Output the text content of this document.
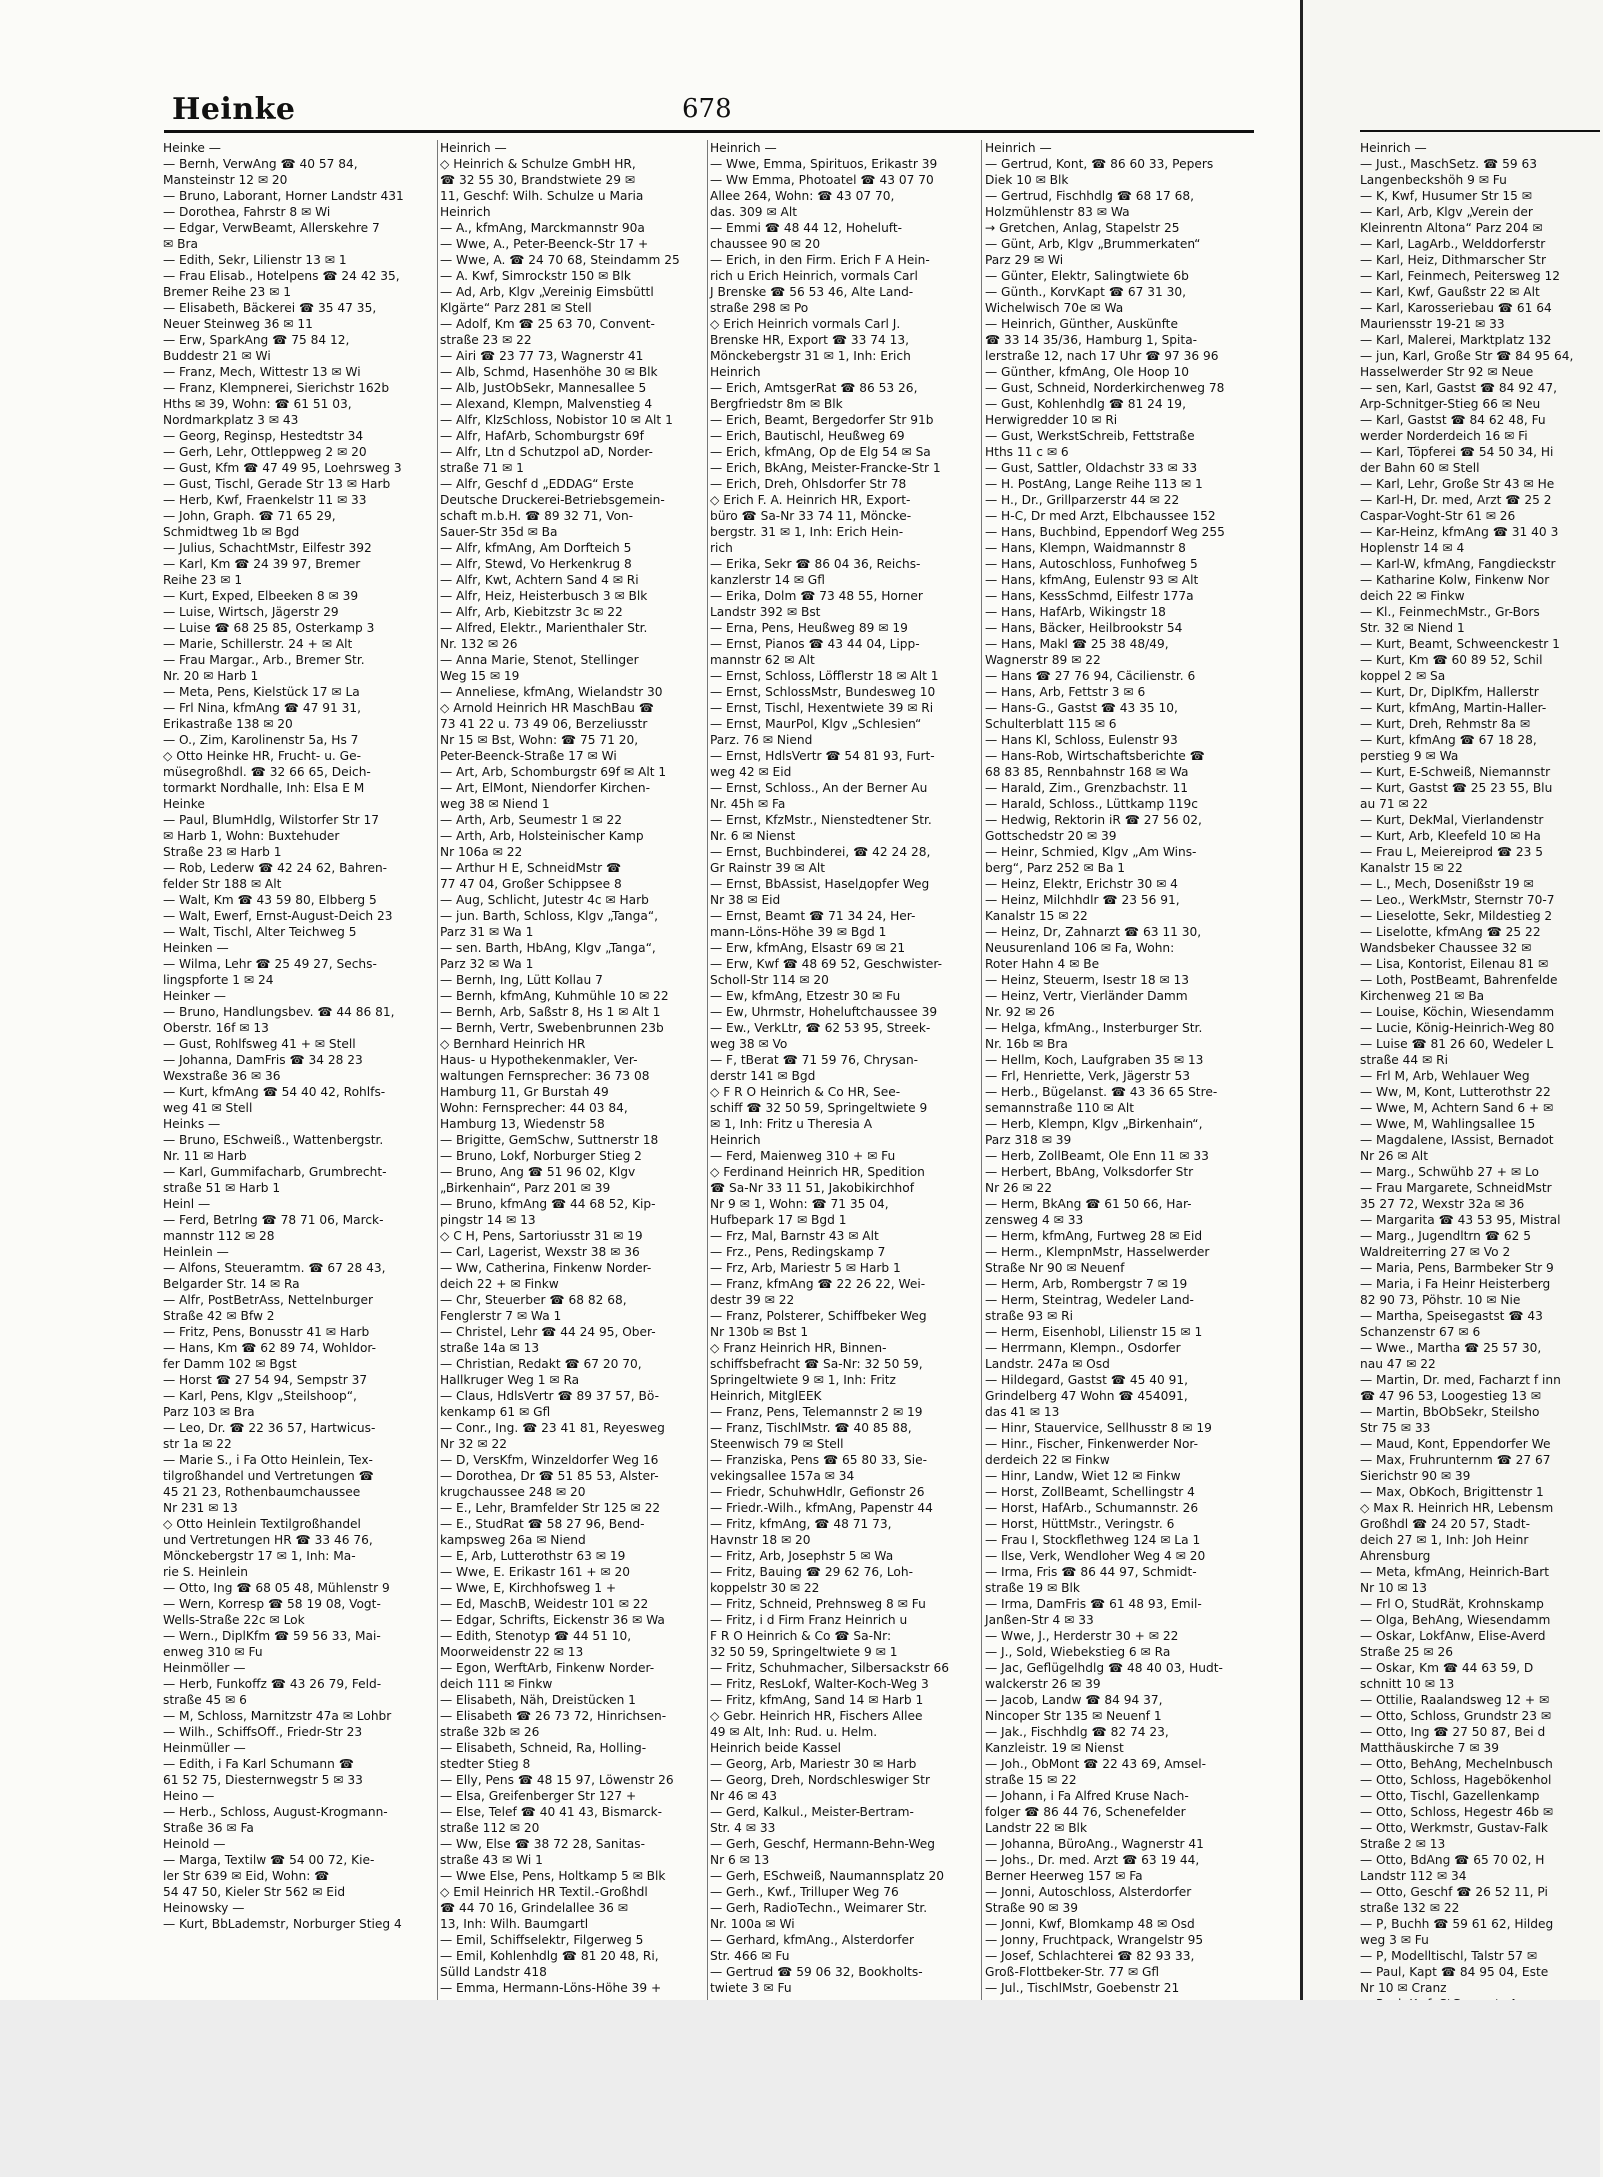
Heinke	678
Heinke —
— Bernh, VerwAng ☎ 40 57 84,
Mansteinstr 12 ✉ 20
— Bruno, Laborant, Horner Landstr 431
— Dorothea, Fahrstr 8 ✉ Wi
— Edgar, VerwBeamt, Allerskehre 7
✉ Bra
— Edith, Sekr, Lilienstr 13 ✉ 1
— Frau Elisab., Hotelpens ☎ 24 42 35,
Bremer Reihe 23 ✉ 1
— Elisabeth, Bäckerei ☎ 35 47 35,
Neuer Steinweg 36 ✉ 11
— Erw, SparkAng ☎ 75 84 12,
Buddestr 21 ✉ Wi
— Franz, Mech, Wittestr 13 ✉ Wi
— Franz, Klempnerei, Sierichstr 162b
Hths ✉ 39, Wohn: ☎ 61 51 03,
Nordmarkplatz 3 ✉ 43
— Georg, Reginsp, Hestedtstr 34
— Gerh, Lehr, Ottleppweg 2 ✉ 20
— Gust, Kfm ☎ 47 49 95, Loehrsweg 3
— Gust, Tischl, Gerade Str 13 ✉ Harb
— Herb, Kwf, Fraenkelstr 11 ✉ 33
— John, Graph. ☎ 71 65 29,
Schmidtweg 1b ✉ Bgd
— Julius, SchachtMstr, Eilfestr 392
— Karl, Km ☎ 24 39 97, Bremer
Reihe 23 ✉ 1
— Kurt, Exped, Elbeeken 8 ✉ 39
— Luise, Wirtsch, Jägerstr 29
— Luise ☎ 68 25 85, Osterkamp 3
— Marie, Schillerstr. 24 + ✉ Alt
— Frau Margar., Arb., Bremer Str.
Nr. 20 ✉ Harb 1
— Meta, Pens, Kielstück 17 ✉ La
— Frl Nina, kfmAng ☎ 47 91 31,
Erikastraße 138 ✉ 20
— O., Zim, Karolinenstr 5a, Hs 7
◇ Otto Heinke HR, Frucht- u. Ge-
müsegroßhdl. ☎ 32 66 65, Deich-
tormarkt Nordhalle, Inh: Elsa E M
Heinke
— Paul, BlumHdlg, Wilstorfer Str 17
✉ Harb 1, Wohn: Buxtehuder
Straße 23 ✉ Harb 1
— Rob, Lederw ☎ 42 24 62, Bahren-
felder Str 188 ✉ Alt
— Walt, Km ☎ 43 59 80, Elbberg 5
— Walt, Ewerf, Ernst-August-Deich 23
— Walt, Tischl, Alter Teichweg 5
Heinken —
— Wilma, Lehr ☎ 25 49 27, Sechs-
lingspforte 1 ✉ 24
Heinker —
— Bruno, Handlungsbev. ☎ 44 86 81,
Oberstr. 16f ✉ 13
— Gust, Rohlfsweg 41 + ✉ Stell
— Johanna, DamFris ☎ 34 28 23
Wexstraße 36 ✉ 36
— Kurt, kfmAng ☎ 54 40 42, Rohlfs-
weg 41 ✉ Stell
Heinks —
— Bruno, ESchweiß., Wattenbergstr.
Nr. 11 ✉ Harb
— Karl, Gummifacharb, Grumbrecht-
straße 51 ✉ Harb 1
Heinl —
— Ferd, Betrlng ☎ 78 71 06, Marck-
mannstr 112 ✉ 28
Heinlein —
— Alfons, Steueramtm. ☎ 67 28 43,
Belgarder Str. 14 ✉ Ra
— Alfr, PostBetrAss, Nettelnburger
Straße 42 ✉ Bfw 2
— Fritz, Pens, Bonusstr 41 ✉ Harb
— Hans, Km ☎ 62 89 74, Wohldor-
fer Damm 102 ✉ Bgst
— Horst ☎ 27 54 94, Sempstr 37
— Karl, Pens, Klgv „Steilshoop“,
Parz 103 ✉ Bra
— Leo, Dr. ☎ 22 36 57, Hartwicus-
str 1a ✉ 22
— Marie S., i Fa Otto Heinlein, Tex-
tilgroßhandel und Vertretungen ☎
45 21 23, Rothenbaumchaussee
Nr 231 ✉ 13
◇ Otto Heinlein Textilgroßhandel
und Vertretungen HR ☎ 33 46 76,
Mönckebergstr 17 ✉ 1, Inh: Ma-
rie S. Heinlein
— Otto, Ing ☎ 68 05 48, Mühlenstr 9
— Wern, Korresp ☎ 58 19 08, Vogt-
Wells-Straße 22c ✉ Lok
— Wern., DiplKfm ☎ 59 56 33, Mai-
enweg 310 ✉ Fu
Heinmöller —
— Herb, Funkoffz ☎ 43 26 79, Feld-
straße 45 ✉ 6
— M, Schloss, Marnitzstr 47a ✉ Lohbr
— Wilh., SchiffsOff., Friedr-Str 23
Heinmüller —
— Edith, i Fa Karl Schumann ☎
61 52 75, Diesternwegstr 5 ✉ 33
Heino —
— Herb., Schloss, August-Krogmann-
Straße 36 ✉ Fa
Heinold —
— Marga, Textilw ☎ 54 00 72, Kie-
ler Str 639 ✉ Eid, Wohn: ☎
54 47 50, Kieler Str 562 ✉ Eid
Heinowsky —
— Kurt, BbLademstr, Norburger Stieg 4
Heinrich —
◇ Heinrich & Schulze GmbH HR,
☎ 32 55 30, Brandstwiete 29 ✉
11, Geschf: Wilh. Schulze u Maria
Heinrich
— A., kfmAng, Marckmannstr 90a
— Wwe, A., Peter-Beenck-Str 17 +
— Wwe, A. ☎ 24 70 68, Steindamm 25
— A. Kwf, Simrockstr 150 ✉ Blk
— Ad, Arb, Klgv „Vereinig Eimsbüttl
Klgärte“ Parz 281 ✉ Stell
— Adolf, Km ☎ 25 63 70, Convent-
straße 23 ✉ 22
— Airi ☎ 23 77 73, Wagnerstr 41
— Alb, Schmd, Hasenhöhe 30 ✉ Blk
— Alb, JustObSekr, Mannesallee 5
— Alexand, Klempn, Malvenstieg 4
— Alfr, KlzSchloss, Nobistor 10 ✉ Alt 1
— Alfr, HafArb, Schomburgstr 69f
— Alfr, Ltn d Schutzpol aD, Norder-
straße 71 ✉ 1
— Alfr, Geschf d „EDDAG“ Erste
Deutsche Druckerei-Betriebsgemein-
schaft m.b.H. ☎ 89 32 71, Von-
Sauer-Str 35d ✉ Ba
— Alfr, kfmAng, Am Dorfteich 5
— Alfr, Stewd, Vo Herkenkrug 8
— Alfr, Kwt, Achtern Sand 4 ✉ Ri
— Alfr, Heiz, Heisterbusch 3 ✉ Blk
— Alfr, Arb, Kiebitzstr 3c ✉ 22
— Alfred, Elektr., Marienthaler Str.
Nr. 132 ✉ 26
— Anna Marie, Stenot, Stellinger
Weg 15 ✉ 19
— Anneliese, kfmAng, Wielandstr 30
◇ Arnold Heinrich HR MaschBau ☎
73 41 22 u. 73 49 06, Berzeliusstr
Nr 15 ✉ Bst, Wohn: ☎ 75 71 20,
Peter-Beenck-Straße 17 ✉ Wi
— Art, Arb, Schomburgstr 69f ✉ Alt 1
— Art, ElMont, Niendorfer Kirchen-
weg 38 ✉ Niend 1
— Arth, Arb, Seumestr 1 ✉ 22
— Arth, Arb, Holsteinischer Kamp
Nr 106a ✉ 22
— Arthur H E, SchneidMstr ☎
77 47 04, Großer Schippsee 8
— Aug, Schlicht, Jutestr 4c ✉ Harb
— jun. Barth, Schloss, Klgv „Tanga“,
Parz 31 ✉ Wa 1
— sen. Barth, HbAng, Klgv „Tanga“,
Parz 32 ✉ Wa 1
— Bernh, Ing, Lütt Kollau 7
— Bernh, kfmAng, Kuhmühle 10 ✉ 22
— Bernh, Arb, Saßstr 8, Hs 1 ✉ Alt 1
— Bernh, Vertr, Swebenbrunnen 23b
◇ Bernhard Heinrich HR
Haus- u Hypothekenmakler, Ver-
waltungen Fernsprecher: 36 73 08
Hamburg 11, Gr Burstah 49
Wohn: Fernsprecher: 44 03 84,
Hamburg 13, Wiedenstr 58
— Brigitte, GemSchw, Suttnerstr 18
— Bruno, Lokf, Norburger Stieg 2
— Bruno, Ang ☎ 51 96 02, Klgv
„Birkenhain“, Parz 201 ✉ 39
— Bruno, kfmAng ☎ 44 68 52, Kip-
pingstr 14 ✉ 13
◇ C H, Pens, Sartoriusstr 31 ✉ 19
— Carl, Lagerist, Wexstr 38 ✉ 36
— Ww, Catherina, Finkenw Norder-
deich 22 + ✉ Finkw
— Chr, Steuerber ☎ 68 82 68,
Fenglerstr 7 ✉ Wa 1
— Christel, Lehr ☎ 44 24 95, Ober-
straße 14a ✉ 13
— Christian, Redakt ☎ 67 20 70,
Hallkruger Weg 1 ✉ Ra
— Claus, HdlsVertr ☎ 89 37 57, Bö-
kenkamp 61 ✉ Gfl
— Conr., Ing. ☎ 23 41 81, Reyesweg
Nr 32 ✉ 22
— D, VersKfm, Winzeldorfer Weg 16
— Dorothea, Dr ☎ 51 85 53, Alster-
krugchaussee 248 ✉ 20
— E., Lehr, Bramfelder Str 125 ✉ 22
— E., StudRat ☎ 58 27 96, Bend-
kampsweg 26a ✉ Niend
— E, Arb, Lutterothstr 63 ✉ 19
— Wwe, E. Erikastr 161 + ✉ 20
— Wwe, E, Kirchhofsweg 1 +
— Ed, MaschB, Weidestr 101 ✉ 22
— Edgar, Schrifts, Eickenstr 36 ✉ Wa
— Edith, Stenotyp ☎ 44 51 10,
Moorweidenstr 22 ✉ 13
— Egon, WerftArb, Finkenw Norder-
deich 111 ✉ Finkw
— Elisabeth, Näh, Dreistücken 1
— Elisabeth ☎ 26 73 72, Hinrichsen-
straße 32b ✉ 26
— Elisabeth, Schneid, Ra, Holling-
stedter Stieg 8
— Elly, Pens ☎ 48 15 97, Löwenstr 26
— Elsa, Greifenberger Str 127 +
— Else, Telef ☎ 40 41 43, Bismarck-
straße 112 ✉ 20
— Ww, Else ☎ 38 72 28, Sanitas-
straße 43 ✉ Wi 1
— Wwe Else, Pens, Holtkamp 5 ✉ Blk
◇ Emil Heinrich HR Textil.-Großhdl
☎ 44 70 16, Grindelallee 36 ✉
13, Inh: Wilh. Baumgartl
— Emil, Schiffselektr, Filgerweg 5
— Emil, Kohlenhdlg ☎ 81 20 48, Ri,
Sülld Landstr 418
— Emma, Hermann-Löns-Höhe 39 +
Heinrich —
— Wwe, Emma, Spirituos, Erikastr 39
— Ww Emma, Photoatel ☎ 43 07 70
Allee 264, Wohn: ☎ 43 07 70,
das. 309 ✉ Alt
— Emmi ☎ 48 44 12, Hoheluft-
chaussee 90 ✉ 20
— Erich, in den Firm. Erich F A Hein-
rich u Erich Heinrich, vormals Carl
J Brenske ☎ 56 53 46, Alte Land-
straße 298 ✉ Po
◇ Erich Heinrich vormals Carl J.
Brenske HR, Export ☎ 33 74 13,
Mönckebergstr 31 ✉ 1, Inh: Erich
Heinrich
— Erich, AmtsgerRat ☎ 86 53 26,
Bergfriedstr 8m ✉ Blk
— Erich, Beamt, Bergedorfer Str 91b
— Erich, Bautischl, Heußweg 69
— Erich, kfmAng, Op de Elg 54 ✉ Sa
— Erich, BkAng, Meister-Francke-Str 1
— Erich, Dreh, Ohlsdorfer Str 78
◇ Erich F. A. Heinrich HR, Export-
büro ☎ Sa-Nr 33 74 11, Möncke-
bergstr. 31 ✉ 1, Inh: Erich Hein-
rich
— Erika, Sekr ☎ 86 04 36, Reichs-
kanzlerstr 14 ✉ Gfl
— Erika, Dolm ☎ 73 48 55, Horner
Landstr 392 ✉ Bst
— Erna, Pens, Heußweg 89 ✉ 19
— Ernst, Pianos ☎ 43 44 04, Lipp-
mannstr 62 ✉ Alt
— Ernst, Schloss, Löfflerstr 18 ✉ Alt 1
— Ernst, SchlossMstr, Bundesweg 10
— Ernst, Tischl, Hexentwiete 39 ✉ Ri
— Ernst, MaurPol, Klgv „Schlesien“
Parz. 76 ✉ Niend
— Ernst, HdlsVertr ☎ 54 81 93, Furt-
weg 42 ✉ Eid
— Ernst, Schloss., An der Berner Au
Nr. 45h ✉ Fa
— Ernst, KfzMstr., Nienstedtener Str.
Nr. 6 ✉ Nienst
— Ernst, Buchbinderei, ☎ 42 24 28,
Gr Rainstr 39 ✉ Alt
— Ernst, BbAssist, Haselдорfer Weg
Nr 38 ✉ Eid
— Ernst, Beamt ☎ 71 34 24, Her-
mann-Löns-Höhe 39 ✉ Bgd 1
— Erw, kfmAng, Elsastr 69 ✉ 21
— Erw, Kwf ☎ 48 69 52, Geschwister-
Scholl-Str 114 ✉ 20
— Ew, kfmAng, Etzestr 30 ✉ Fu
— Ew, Uhrmstr, Hoheluftchaussee 39
— Ew., VerkLtr, ☎ 62 53 95, Streek-
weg 38 ✉ Vo
— F, tBerat ☎ 71 59 76, Chrysan-
derstr 141 ✉ Bgd
◇ F R O Heinrich & Co HR, See-
schiff ☎ 32 50 59, Springeltwiete 9
✉ 1, Inh: Fritz u Theresia A
Heinrich
— Ferd, Maienweg 310 + ✉ Fu
◇ Ferdinand Heinrich HR, Spedition
☎ Sa-Nr 33 11 51, Jakobikirchhof
Nr 9 ✉ 1, Wohn: ☎ 71 35 04,
Hufbepark 17 ✉ Bgd 1
— Frz, Mal, Barnstr 43 ✉ Alt
— Frz., Pens, Redingskamp 7
— Frz, Arb, Mariestr 5 ✉ Harb 1
— Franz, kfmAng ☎ 22 26 22, Wei-
destr 39 ✉ 22
— Franz, Polsterer, Schiffbeker Weg
Nr 130b ✉ Bst 1
◇ Franz Heinrich HR, Binnen-
schiffsbefracht ☎ Sa-Nr: 32 50 59,
Springeltwiete 9 ✉ 1, Inh: Fritz
Heinrich, MitglEEK
— Franz, Pens, Telemannstr 2 ✉ 19
— Franz, TischlMstr. ☎ 40 85 88,
Steenwisch 79 ✉ Stell
— Franziska, Pens ☎ 65 80 33, Sie-
vekingsallee 157a ✉ 34
— Friedr, SchuhwHdlr, Gefionstr 26
— Friedr.-Wilh., kfmAng, Papenstr 44
— Fritz, kfmAng, ☎ 48 71 73,
Havnstr 18 ✉ 20
— Fritz, Arb, Josephstr 5 ✉ Wa
— Fritz, Bauing ☎ 29 62 76, Loh-
koppelstr 30 ✉ 22
— Fritz, Schneid, Prehnsweg 8 ✉ Fu
— Fritz, i d Firm Franz Heinrich u
F R O Heinrich & Co ☎ Sa-Nr:
32 50 59, Springeltwiete 9 ✉ 1
— Fritz, Schuhmacher, Silbersackstr 66
— Fritz, ResLokf, Walter-Koch-Weg 3
— Fritz, kfmAng, Sand 14 ✉ Harb 1
◇ Gebr. Heinrich HR, Fischers Allee
49 ✉ Alt, Inh: Rud. u. Helm.
Heinrich beide Kassel
— Georg, Arb, Mariestr 30 ✉ Harb
— Georg, Dreh, Nordschleswiger Str
Nr 46 ✉ 43
— Gerd, Kalkul., Meister-Bertram-
Str. 4 ✉ 33
— Gerh, Geschf, Hermann-Behn-Weg
Nr 6 ✉ 13
— Gerh, ESchweiß, Naumannsplatz 20
— Gerh., Kwf., Trilluper Weg 76
— Gerh, RadioTechn., Weimarer Str.
Nr. 100a ✉ Wi
— Gerhard, kfmAng., Alsterdorfer
Str. 466 ✉ Fu
— Gertrud ☎ 59 06 32, Bookholts-
twiete 3 ✉ Fu
Heinrich —
— Gertrud, Kont, ☎ 86 60 33, Pepers
Diek 10 ✉ Blk
— Gertrud, Fischhdlg ☎ 68 17 68,
Holzmühlenstr 83 ✉ Wa
→ Gretchen, Anlag, Stapelstr 25
— Günt, Arb, Klgv „Brummerkaten“
Parz 29 ✉ Wi
— Günter, Elektr, Salingtwiete 6b
— Günth., KorvKapt ☎ 67 31 30,
Wichelwisch 70e ✉ Wa
— Heinrich, Günther, Auskünfte
☎ 33 14 35/36, Hamburg 1, Spita-
lerstraße 12, nach 17 Uhr ☎ 97 36 96
— Günther, kfmAng, Ole Hoop 10
— Gust, Schneid, Norderkirchenweg 78
— Gust, Kohlenhdlg ☎ 81 24 19,
Herwigredder 10 ✉ Ri
— Gust, WerkstSchreib, Fettstraße
Hths 11 c ✉ 6
— Gust, Sattler, Oldachstr 33 ✉ 33
— H. PostAng, Lange Reihe 113 ✉ 1
— H., Dr., Grillparzerstr 44 ✉ 22
— H-C, Dr med Arzt, Elbchaussee 152
— Hans, Buchbind, Eppendorf Weg 255
— Hans, Klempn, Waidmannstr 8
— Hans, Autoschloss, Funhofweg 5
— Hans, kfmAng, Eulenstr 93 ✉ Alt
— Hans, KessSchmd, Eilfestr 177a
— Hans, HafArb, Wikingstr 18
— Hans, Bäcker, Heilbrookstr 54
— Hans, Makl ☎ 25 38 48/49,
Wagnerstr 89 ✉ 22
— Hans ☎ 27 76 94, Cäcilienstr. 6
— Hans, Arb, Fettstr 3 ✉ 6
— Hans-G., Gastst ☎ 43 35 10,
Schulterblatt 115 ✉ 6
— Hans Kl, Schloss, Eulenstr 93
— Hans-Rob, Wirtschaftsberichte ☎
68 83 85, Rennbahnstr 168 ✉ Wa
— Harald, Zim., Grenzbachstr. 11
— Harald, Schloss., Lüttkamp 119c
— Hedwig, Rektorin iR ☎ 27 56 02,
Gottschedstr 20 ✉ 39
— Heinr, Schmied, Klgv „Am Wins-
berg“, Parz 252 ✉ Ba 1
— Heinz, Elektr, Erichstr 30 ✉ 4
— Heinz, Milchhdlr ☎ 23 56 91,
Kanalstr 15 ✉ 22
— Heinz, Dr, Zahnarzt ☎ 63 11 30,
Neusurenland 106 ✉ Fa, Wohn:
Roter Hahn 4 ✉ Be
— Heinz, Steuerm, Isestr 18 ✉ 13
— Heinz, Vertr, Vierländer Damm
Nr. 92 ✉ 26
— Helga, kfmAng., Insterburger Str.
Nr. 16b ✉ Bra
— Hellm, Koch, Laufgraben 35 ✉ 13
— Frl, Henriette, Verk, Jägerstr 53
— Herb., Bügelanst. ☎ 43 36 65 Stre-
semannstraße 110 ✉ Alt
— Herb, Klempn, Klgv „Birkenhain“,
Parz 318 ✉ 39
— Herb, ZollBeamt, Ole Enn 11 ✉ 33
— Herbert, BbAng, Volksdorfer Str
Nr 26 ✉ 22
— Herm, BkAng ☎ 61 50 66, Har-
zensweg 4 ✉ 33
— Herm, kfmAng, Furtweg 28 ✉ Eid
— Herm., KlempnMstr, Hasselwerder
Straße Nr 90 ✉ Neuenf
— Herm, Arb, Rombergstr 7 ✉ 19
— Herm, Steintrag, Wedeler Land-
straße 93 ✉ Ri
— Herm, Eisenhobl, Lilienstr 15 ✉ 1
— Herrmann, Klempn., Osdorfer
Landstr. 247a ✉ Osd
— Hildegard, Gastst ☎ 45 40 91,
Grindelberg 47 Wohn ☎ 454091,
das 41 ✉ 13
— Hinr, Stauervice, Sellhusstr 8 ✉ 19
— Hinr., Fischer, Finkenwerder Nor-
derdeich 22 ✉ Finkw
— Hinr, Landw, Wiet 12 ✉ Finkw
— Horst, ZollBeamt, Schellingstr 4
— Horst, HafArb., Schumannstr. 26
— Horst, HüttMstr., Veringstr. 6
— Frau I, Stockflethweg 124 ✉ La 1
— Ilse, Verk, Wendloher Weg 4 ✉ 20
— Irma, Fris ☎ 86 44 97, Schmidt-
straße 19 ✉ Blk
— Irma, DamFris ☎ 61 48 93, Emil-
Janßen-Str 4 ✉ 33
— Wwe, J., Herderstr 30 + ✉ 22
— J., Sold, Wiebekstieg 6 ✉ Ra
— Jac, Geflügelhdlg ☎ 48 40 03, Hudt-
walckerstr 26 ✉ 39
— Jacob, Landw ☎ 84 94 37,
Nincoper Str 135 ✉ Neuenf 1
— Jak., Fischhdlg ☎ 82 74 23,
Kanzleistr. 19 ✉ Nienst
— Joh., ObMont ☎ 22 43 69, Amsel-
straße 15 ✉ 22
— Johann, i Fa Alfred Kruse Nach-
folger ☎ 86 44 76, Schenefelder
Landstr 22 ✉ Blk
— Johanna, BüroAng., Wagnerstr 41
— Johs., Dr. med. Arzt ☎ 63 19 44,
Berner Heerweg 157 ✉ Fa
— Jonni, Autoschloss, Alsterdorfer
Straße 90 ✉ 39
— Jonni, Kwf, Blomkamp 48 ✉ Osd
— Jonny, Fruchtpack, Wrangelstr 95
— Josef, Schlachterei ☎ 82 93 33,
Groß-Flottbeker-Str. 77 ✉ Gfl
— Jul., TischlMstr, Goebenstr 21
Heinrich —
— Just., MaschSetz. ☎ 59 63
Langenbeckshöh 9 ✉ Fu
— K, Kwf, Husumer Str 15 ✉
— Karl, Arb, Klgv „Verein der
Kleinrentn Altona“ Parz 204 ✉
— Karl, LagArb., Welddorferstr
— Karl, Heiz, Dithmarscher Str
— Karl, Feinmech, Peitersweg 12
— Karl, Kwf, Gaußstr 22 ✉ Alt
— Karl, Karosseriebau ☎ 61 64
Mauriensstr 19-21 ✉ 33
— Karl, Malerei, Marktplatz 132
— jun, Karl, Große Str ☎ 84 95 64,
Hasselwerder Str 92 ✉ Neue
— sen, Karl, Gastst ☎ 84 92 47,
Arp-Schnitger-Stieg 66 ✉ Neu
— Karl, Gastst ☎ 84 62 48, Fu
werder Norderdeich 16 ✉ Fi
— Karl, Töpferei ☎ 54 50 34, Hi
der Bahn 60 ✉ Stell
— Karl, Lehr, Große Str 43 ✉ He
— Karl-H, Dr. med, Arzt ☎ 25 2
Caspar-Voght-Str 61 ✉ 26
— Kar-Heinz, kfmAng ☎ 31 40 3
Hoplenstr 14 ✉ 4
— Karl-W, kfmAng, Fangdieckstr
— Katharine Kolw, Finkenw Nor
deich 22 ✉ Finkw
— Kl., FeinmechMstr., Gr-Bors
Str. 32 ✉ Niend 1
— Kurt, Beamt, Schweenckestr 1
— Kurt, Km ☎ 60 89 52, Schil
koppel 2 ✉ Sa
— Kurt, Dr, DiplKfm, Hallerstr
— Kurt, kfmAng, Martin-Haller-
— Kurt, Dreh, Rehmstr 8a ✉
— Kurt, kfmAng ☎ 67 18 28,
perstieg 9 ✉ Wa
— Kurt, E-Schweiß, Niemannstr
— Kurt, Gastst ☎ 25 23 55, Blu
au 71 ✉ 22
— Kurt, DekMal, Vierlandenstr
— Kurt, Arb, Kleefeld 10 ✉ Ha
— Frau L, Meiereiprod ☎ 23 5
Kanalstr 15 ✉ 22
— L., Mech, Dosenißstr 19 ✉
— Leo., WerkMstr, Sternstr 70-7
— Lieselotte, Sekr, Mildestieg 2
— Liselotte, kfmAng ☎ 25 22
Wandsbeker Chaussee 32 ✉
— Lisa, Kontorist, Eilenau 81 ✉
— Loth, PostBeamt, Bahrenfelde
Kirchenweg 21 ✉ Ba
— Louise, Köchin, Wiesendamm
— Lucie, König-Heinrich-Weg 80
— Luise ☎ 81 26 60, Wedeler L
straße 44 ✉ Ri
— Frl M, Arb, Wehlauer Weg
— Ww, M, Kont, Lutterothstr 22
— Wwe, M, Achtern Sand 6 + ✉
— Wwe, M, Wahlingsallee 15
— Magdalene, IAssist, Bernadot
Nr 26 ✉ Alt
— Marg., Schwühb 27 + ✉ Lo
— Frau Margarete, SchneidMstr
35 27 72, Wexstr 32a ✉ 36
— Margarita ☎ 43 53 95, Mistral
— Marg., Jugendltrn ☎ 62 5
Waldreiterring 27 ✉ Vo 2
— Maria, Pens, Barmbeker Str 9
— Maria, i Fa Heinr Heisterberg
82 90 73, Pöhstr. 10 ✉ Nie
— Martha, Speisegastst ☎ 43
Schanzenstr 67 ✉ 6
— Wwe., Martha ☎ 25 57 30,
nau 47 ✉ 22
— Martin, Dr. med, Facharzt f inn
☎ 47 96 53, Loogestieg 13 ✉
— Martin, BbObSekr, Steilsho
Str 75 ✉ 33
— Maud, Kont, Eppendorfer We
— Max, Fruhrunternm ☎ 27 67
Sierichstr 90 ✉ 39
— Max, ObKoch, Brigittenstr 1
◇ Max R. Heinrich HR, Lebensm
Großhdl ☎ 24 20 57, Stadt-
deich 27 ✉ 1, Inh: Joh Heinr
Ahrensburg
— Meta, kfmAng, Heinrich-Bart
Nr 10 ✉ 13
— Frl O, StudRät, Krohnskamp
— Olga, BehAng, Wiesendamm
— Oskar, LokfAnw, Elise-Averd
Straße 25 ✉ 26
— Oskar, Km ☎ 44 63 59, D
schnitt 10 ✉ 13
— Ottilie, Raalandsweg 12 + ✉
— Otto, Schloss, Grundstr 23 ✉
— Otto, Ing ☎ 27 50 87, Bei d
Matthäuskirche 7 ✉ 39
— Otto, BehAng, Mechelnbusch
— Otto, Schloss, Hagebökenhol
— Otto, Tischl, Gazellenkamp
— Otto, Schloss, Hegestr 46b ✉
— Otto, Werkmstr, Gustav-Falk
Straße 2 ✉ 13
— Otto, BdAng ☎ 65 70 02, H
Landstr 112 ✉ 34
— Otto, Geschf ☎ 26 52 11, Pi
straße 132 ✉ 22
— P, Buchh ☎ 59 61 62, Hildeg
weg 3 ✉ Fu
— P, Modelltischl, Talstr 57 ✉
— Paul, Kapt ☎ 84 95 04, Este
Nr 10 ✉ Cranz
